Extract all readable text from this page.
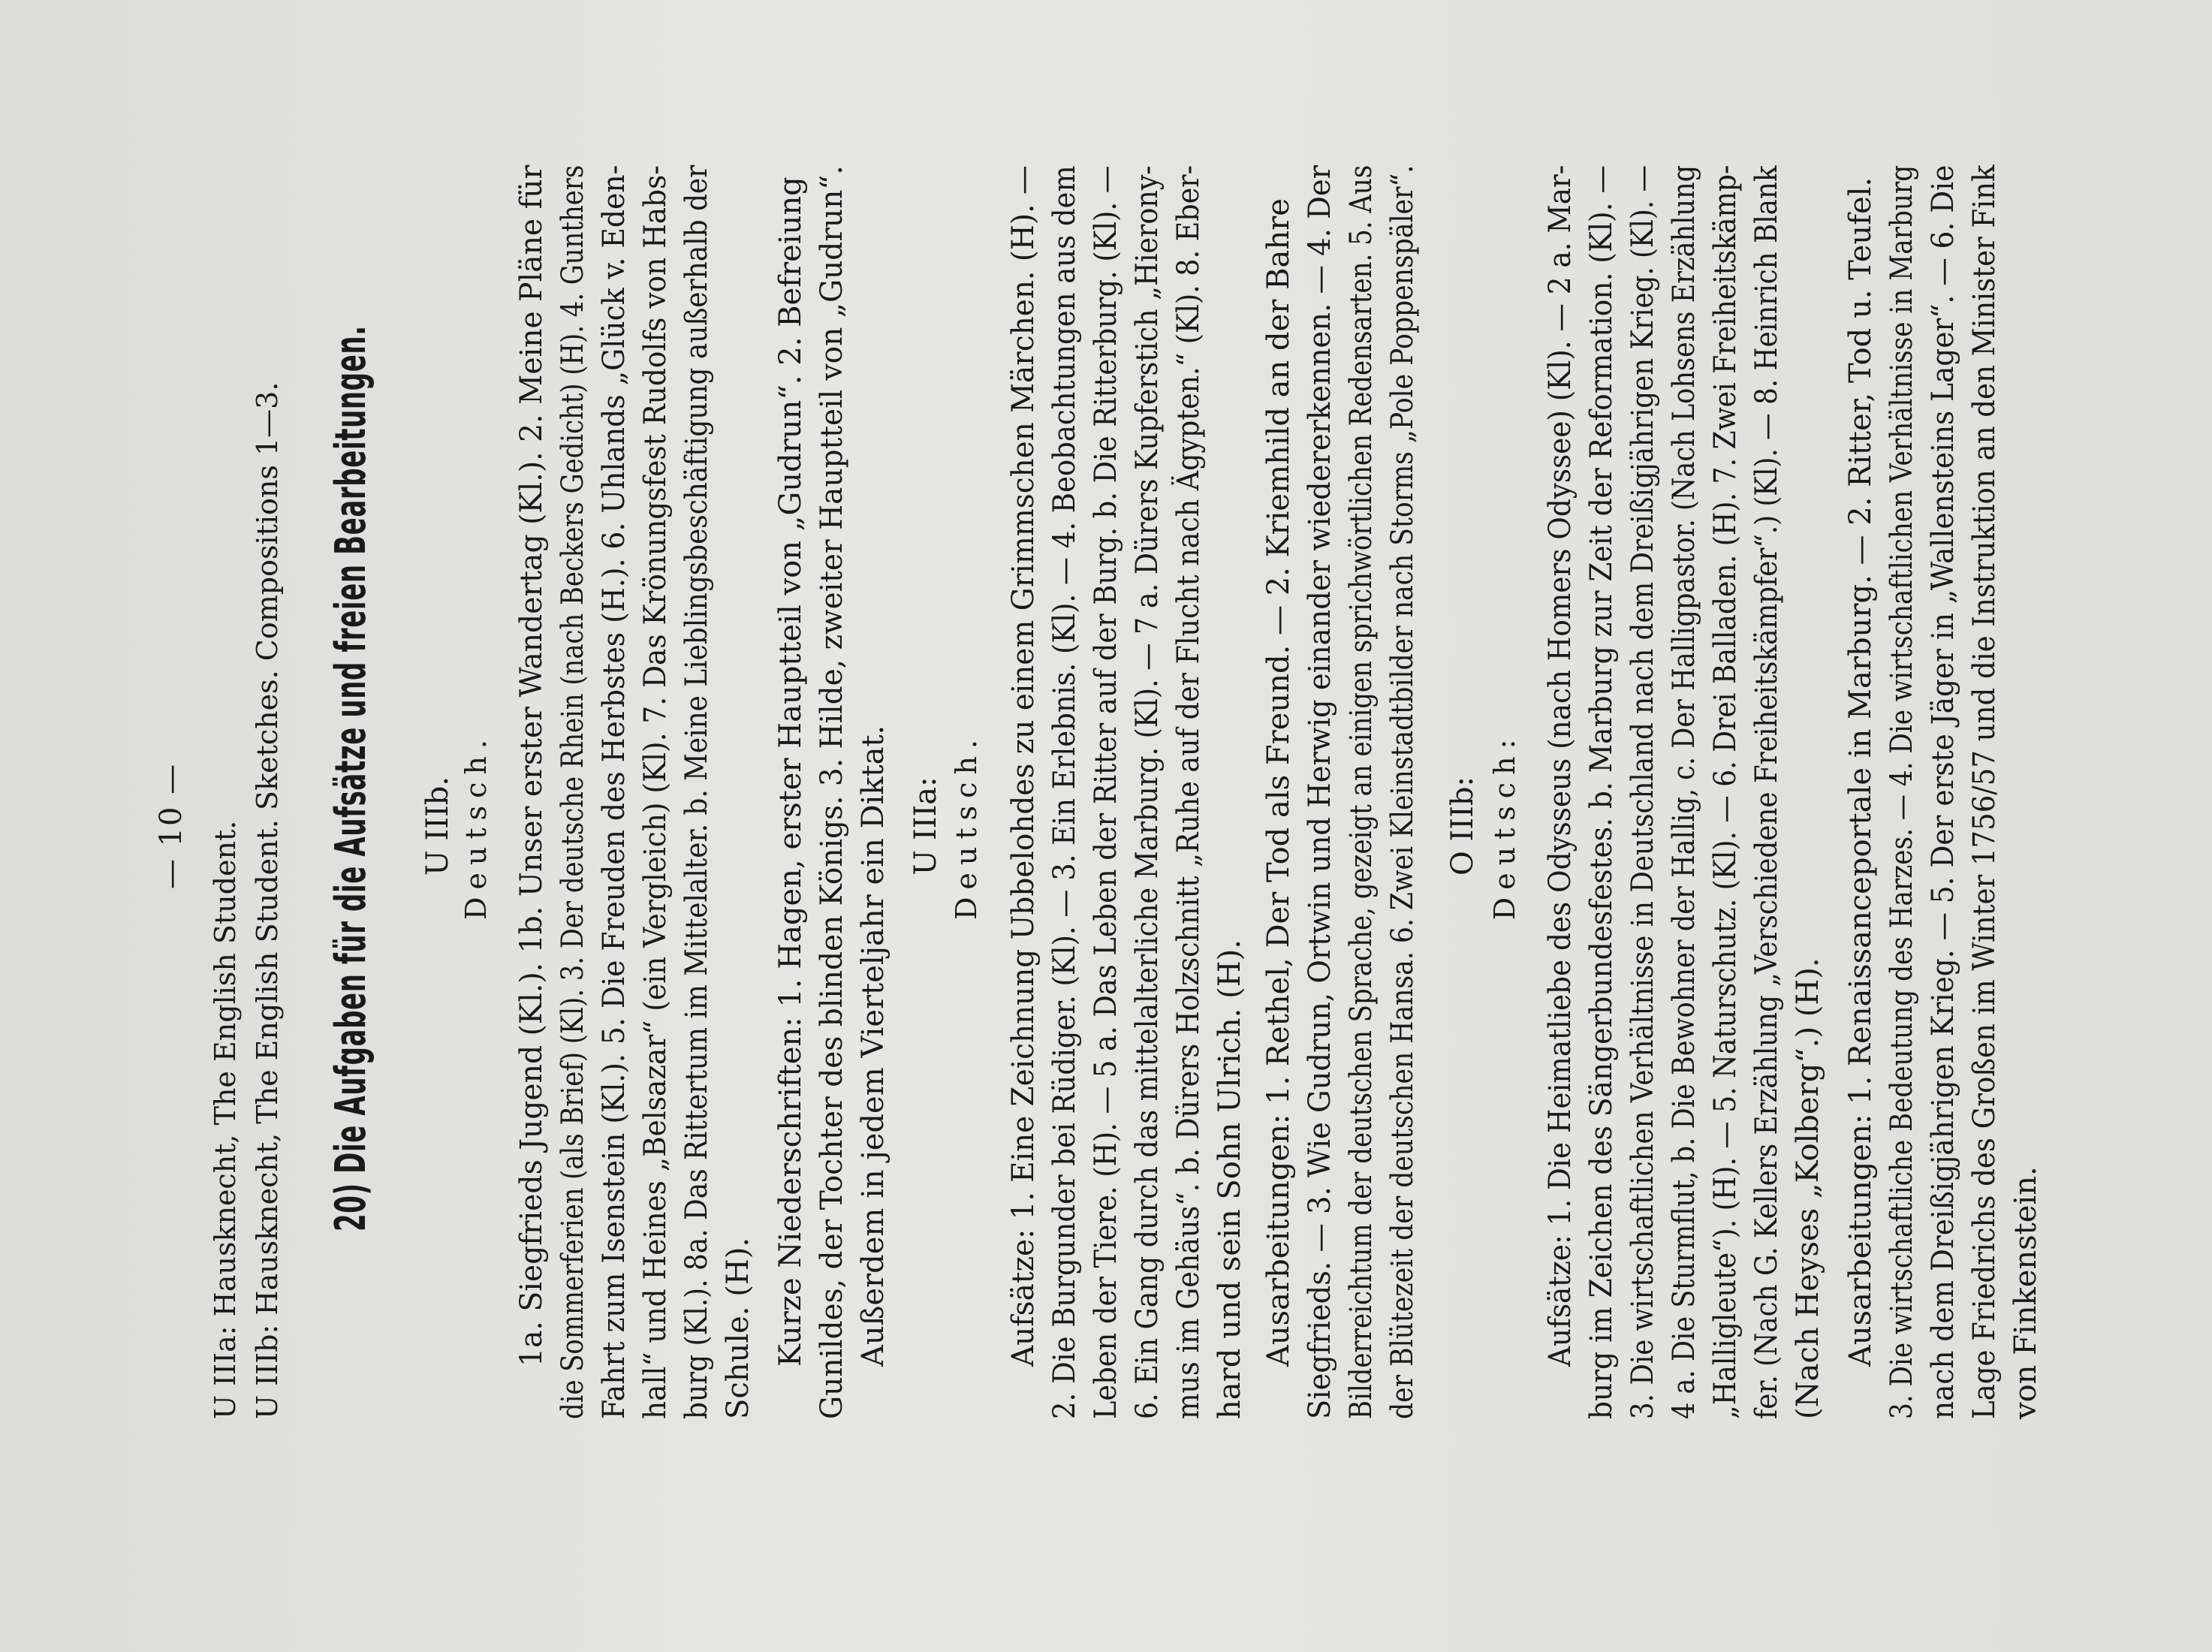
— 10 — U IIIa: Hausknecht, The English Student. U IIIb: Hausknecht, The English Student. Sketches. Compositions 1—3. 20) Die Aufgaben für die Aufsätze und freien Bearbeitungen. U IIIb. Deutsch. 1a. Siegfrieds Jugend (Kl.). 1b. Unser erster Wandertag (Kl.). 2. Meine Pläne für die Sommerferien (als Brief) (Kl). 3. Der deutsche Rhein (nach Beckers Gedicht) (H). 4. Gunthers Fahrt zum Isenstein (Kl.). 5. Die Freuden des Herbstes (H.). 6. Uhlands „Glück v. Eden- hall“ und Heines „Belsazar“ (ein Vergleich) (Kl). 7. Das Krönungsfest Rudolfs von Habs- burg (Kl.). 8a. Das Rittertum im Mittelalter. b. Meine Lieblingsbeschäftigung außerhalb der Schule. (H). Kurze Niederschriften: 1. Hagen, erster Hauptteil von „Gudrun“. 2. Befreiung Gunildes, der Tochter des blinden Königs. 3. Hilde, zweiter Hauptteil von „Gudrun“. Außerdem in jedem Vierteljahr ein Diktat. U IIIa: Deutsch. Aufsätze: 1. Eine Zeichnung Ubbelohdes zu einem Grimmschen Märchen. (H). — 2. Die Burgunder bei Rüdiger. (Kl). — 3. Ein Erlebnis. (Kl). — 4. Beobachtungen aus dem Leben der Tiere. (H). — 5 a. Das Leben der Ritter auf der Burg. b. Die Ritterburg. (Kl). — 6. Ein Gang durch das mittelalterliche Marburg. (Kl). — 7 a. Dürers Kupferstich „Hierony- mus im Gehäus“. b. Dürers Holzschnitt „Ruhe auf der Flucht nach Ägypten.“ (Kl). 8. Eber- hard und sein Sohn Ulrich. (H). Ausarbeitungen: 1. Rethel, Der Tod als Freund. — 2. Kriemhild an der Bahre Siegfrieds. — 3. Wie Gudrun, Ortwin und Herwig einander wiedererkennen. — 4. Der Bilderreichtum der deutschen Sprache, gezeigt an einigen sprichwörtlichen Redensarten. 5. Aus der Blütezeit der deutschen Hansa. 6. Zwei Kleinstadtbilder nach Storms „Pole Poppenspäler“. O IIIb: Deutsch: Aufsätze: 1. Die Heimatliebe des Odysseus (nach Homers Odyssee) (Kl). — 2 a. Mar- burg im Zeichen des Sängerbundesfestes. b. Marburg zur Zeit der Reformation. (Kl). — 3. Die wirtschaftlichen Verhältnisse in Deutschland nach dem Dreißigjährigen Krieg. (Kl). — 4 a. Die Sturmflut, b. Die Bewohner der Hallig, c. Der Halligpastor. (Nach Lohsens Erzählung „Halligleute“). (H). — 5. Naturschutz. (Kl). — 6. Drei Balladen. (H). 7. Zwei Freiheitskämp- fer. (Nach G. Kellers Erzählung „Verschiedene Freiheitskämpfer“.) (Kl). — 8. Heinrich Blank (Nach Heyses „Kolberg“.) (H). Ausarbeitungen: 1. Renaissanceportale in Marburg. — 2. Ritter, Tod u. Teufel. 3. Die wirtschaftliche Bedeutung des Harzes. — 4. Die wirtschaftlichen Verhältnisse in Marburg nach dem Dreißigjährigen Krieg. — 5. Der erste Jäger in „Wallensteins Lager“. — 6. Die Lage Friedrichs des Großen im Winter 1756/57 und die Instruktion an den Minister Fink von Finkenstein.
